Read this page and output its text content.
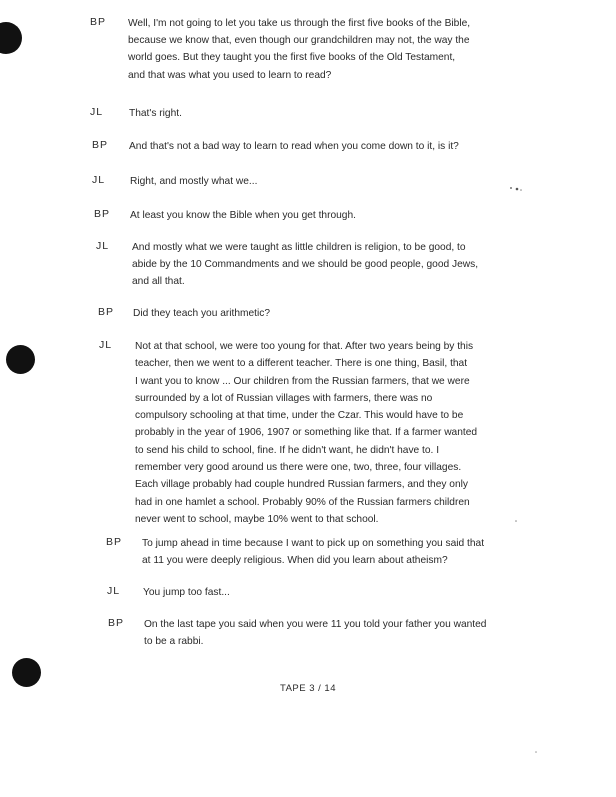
BP Well, I'm not going to let you take us through the first five books of the Bible,
because we know that, even though our grandchildren may not, the way the
world goes. But they taught you the first five books of the Old Testament,
and that was what you used to learn to read?
JL	That's right.
BP And that's not a bad way to learn to read when you come down to it, is it?
JL Right, and mostly what we...
BP At least you know the Bible when you get through.
JL And mostly what we were taught as little children is religion, to be good, to
abide by the 10 Commandments and we should be good people, good Jews,
and all that.
BP Did they teach you arithmetic?
JL Not at that school, we were too young for that. After two years being by this
teacher, then we went to a different teacher. There is one thing, Basil, that
I want you to know ... Our children from the Russian farmers, that we were
surrounded by a lot of Russian villages with farmers, there was no
compulsory schooling at that time, under the Czar. This would have to be
probably in the year of 1906, 1907 or something like that. If a farmer wanted
to send his child to school, fine. If he didn't want, he didn't have to. I
remember very good around us there were one, two, three, four villages.
Each village probably had couple hundred Russian farmers, and they only
had in one hamlet a school. Probably 90% of the Russian farmers children
never went to school, maybe 10% went to that school.
BP To jump ahead in time because I want to pick up on something you said that
at 11 you were deeply religious. When did you learn about atheism?
JL You jump too fast...
BP On the last tape you said when you were 11 you told your father you wanted
to be a rabbi.
TAPE 3 / 14
